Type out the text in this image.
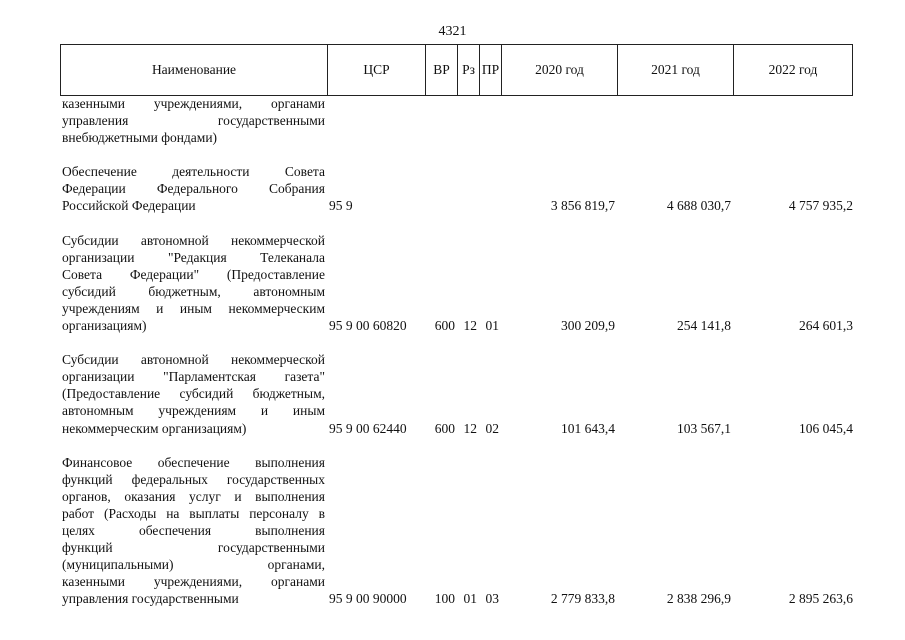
4321
Наименование	ЦСР	ВР Рз ПР	2020 год	2021 год	2022 год
казенными учреждениями, органами
управления государственными
внебюджетными фондами)
Обеспечение деятельности Совета
Федерации Федерального Собрания
Российской Федерации	95 9	3 856 819,7	4 688 030,7	4 757 935,2
Субсидии автономной некоммерческой
организации "Редакция Телеканала
Совета Федерации" (Предоставление
субсидий бюджетным, автономным
учреждениям и иным некоммерческим
организациям)	95 9 00 60820	600 12 01	300 209,9	254 141,8	264 601,3
Субсидии автономной некоммерческой
организации "Парламентская газета"
(Предоставление субсидий бюджетным,
автономным учреждениям и иным
некоммерческим организациям)	95 9 00 62440	600 12 02	101 643,4	103 567,1	106 045,4
Финансовое обеспечение выполнения
функций федеральных государственных
органов, оказания услуг и выполнения
работ (Расходы на выплаты персоналу в
целях обеспечения выполнения
функций государственными
(муниципальными) органами,
казенными учреждениями, органами
управления государственными	95 9 00 90000	100 01 03	2 779 833,8	2 838 296,9	2 895 263,6
